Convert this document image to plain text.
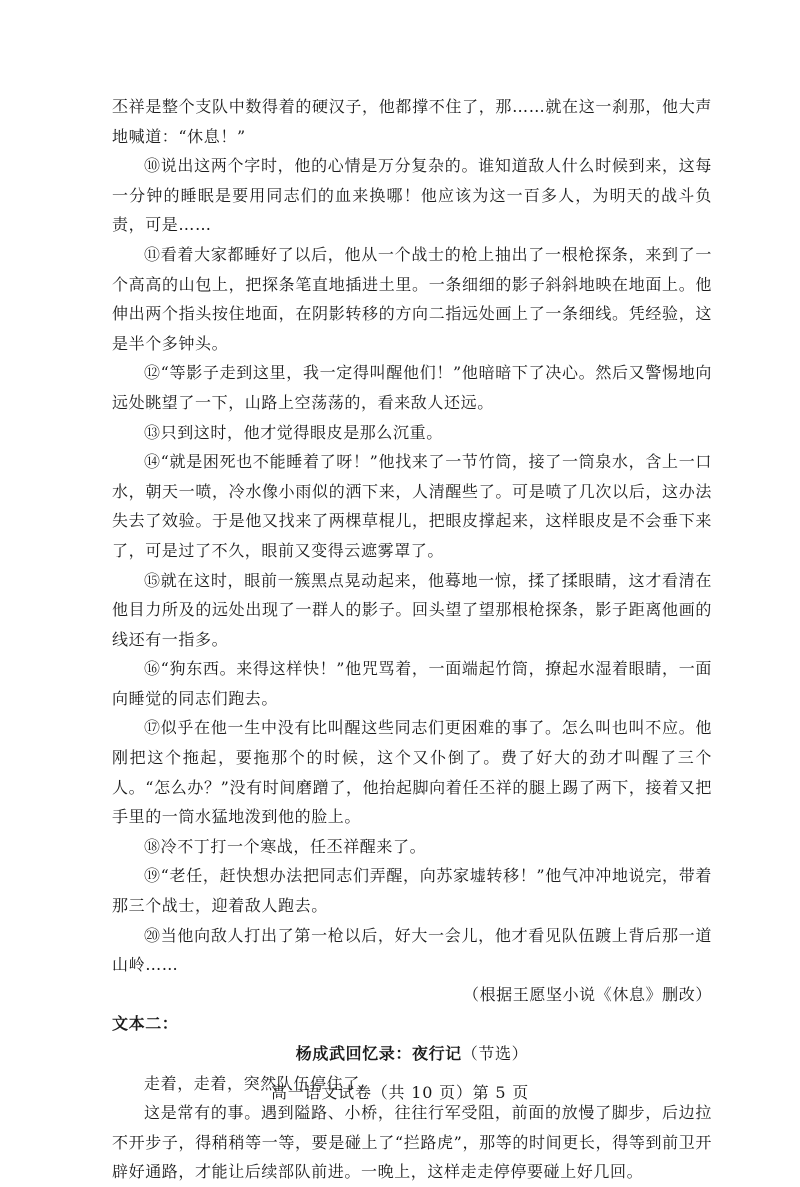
丕祥是整个支队中数得着的硬汉子，他都撑不住了，那……就在这一刹那，他大声地喊道：“休息！”

⑩说出这两个字时，他的心情是万分复杂的。谁知道敌人什么时候到来，这每一分钟的睡眠是要用同志们的血来换哪！他应该为这一百多人，为明天的战斗负责，可是……

⑪看着大家都睡好了以后，他从一个战士的枪上抽出了一根枪探条，来到了一个高高的山包上，把探条笔直地插进土里。一条细细的影子斜斜地映在地面上。他伸出两个指头按住地面，在阴影转移的方向二指远处画上了一条细线。凭经验，这是半个多钟头。

⑫“等影子走到这里，我一定得叫醒他们！”他暗暗下了决心。然后又警惕地向远处眺望了一下，山路上空荡荡的，看来敌人还远。

⑬只到这时，他才觉得眼皮是那么沉重。

⑭“就是困死也不能睡着了呀！”他找来了一节竹筒，接了一筒泉水，含上一口水，朝天一喷，冷水像小雨似的洒下来，人清醒些了。可是喷了几次以后，这办法失去了效验。于是他又找来了两棵草棍儿，把眼皮撑起来，这样眼皮是不会垂下来了，可是过了不久，眼前又变得云遮雾罩了。

⑮就在这时，眼前一簇黑点晃动起来，他蓦地一惊，揉了揉眼睛，这才看清在他目力所及的远处出现了一群人的影子。回头望了望那根枪探条，影子距离他画的线还有一指多。

⑯“狗东西。来得这样快！”他咒骂着，一面端起竹筒，撩起水湿着眼睛，一面向睡觉的同志们跑去。

⑰似乎在他一生中没有比叫醒这些同志们更困难的事了。怎么叫也叫不应。他刚把这个拖起，要拖那个的时候，这个又仆倒了。费了好大的劲才叫醒了三个人。“怎么办？”没有时间磨蹭了，他抬起脚向着任丕祥的腿上踢了两下，接着又把手里的一筒水猛地泼到他的脸上。

⑱冷不丁打一个寒战，任丕祥醒来了。

⑲“老任，赶快想办法把同志们弄醒，向苏家墟转移！”他气冲冲地说完，带着那三个战士，迎着敌人跑去。

⑳当他向敌人打出了第一枪以后，好大一会儿，他才看见队伍踱上背后那一道山岭……

（根据王愿坚小说《休息》删改）

文本二：

杨成武回忆录：夜行记（节选）

走着，走着，突然队伍停住了。

这是常有的事。遇到隘路、小桥，往往行军受阻，前面的放慢了脚步，后边拉不开步子，得稍稍等一等，要是碰上了“拦路虎”，那等的时间更长，得等到前卫开辟好通路，才能让后续部队前进。一晚上，这样走走停停要碰上好几回。

高一语文试卷（共 10 页）第 5 页
